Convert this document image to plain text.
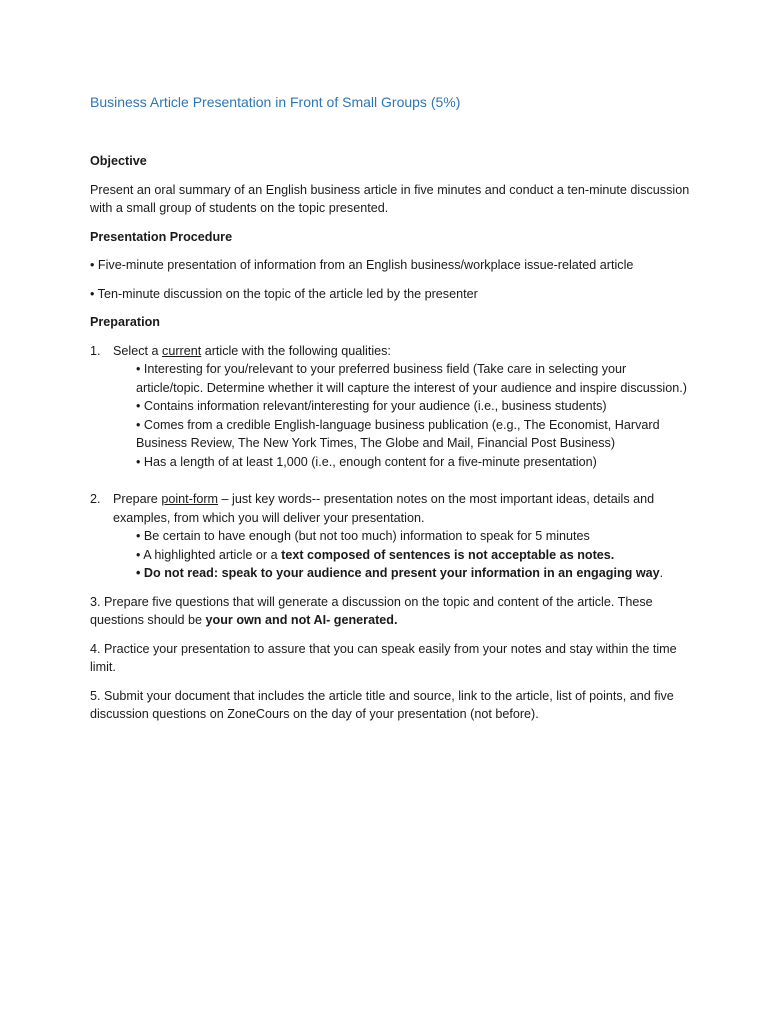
Business Article Presentation in Front of Small Groups (5%)
Objective

Present an oral summary of an English business article in five minutes and conduct a ten-minute discussion with a small group of students on the topic presented.

Presentation Procedure

• Five-minute presentation of information from an English business/workplace issue-related article

• Ten-minute discussion on the topic of the article led by the presenter

Preparation
1. Select a current article with the following qualities:
• Interesting for you/relevant to your preferred business field (Take care in selecting your article/topic. Determine whether it will capture the interest of your audience and inspire discussion.)
• Contains information relevant/interesting for your audience (i.e., business students)
• Comes from a credible English-language business publication (e.g., The Economist, Harvard Business Review, The New York Times, The Globe and Mail, Financial Post Business)
• Has a length of at least 1,000 (i.e., enough content for a five-minute presentation)
2. Prepare point-form – just key words-- presentation notes on the most important ideas, details and examples, from which you will deliver your presentation.
• Be certain to have enough (but not too much) information to speak for 5 minutes
• A highlighted article or a text composed of sentences is not acceptable as notes.
• Do not read: speak to your audience and present your information in an engaging way.

3. Prepare five questions that will generate a discussion on the topic and content of the article. These questions should be your own and not AI- generated.

4. Practice your presentation to assure that you can speak easily from your notes and stay within the time limit.

5. Submit your document that includes the article title and source, link to the article, list of points, and five discussion questions on ZoneCours on the day of your presentation (not before).
